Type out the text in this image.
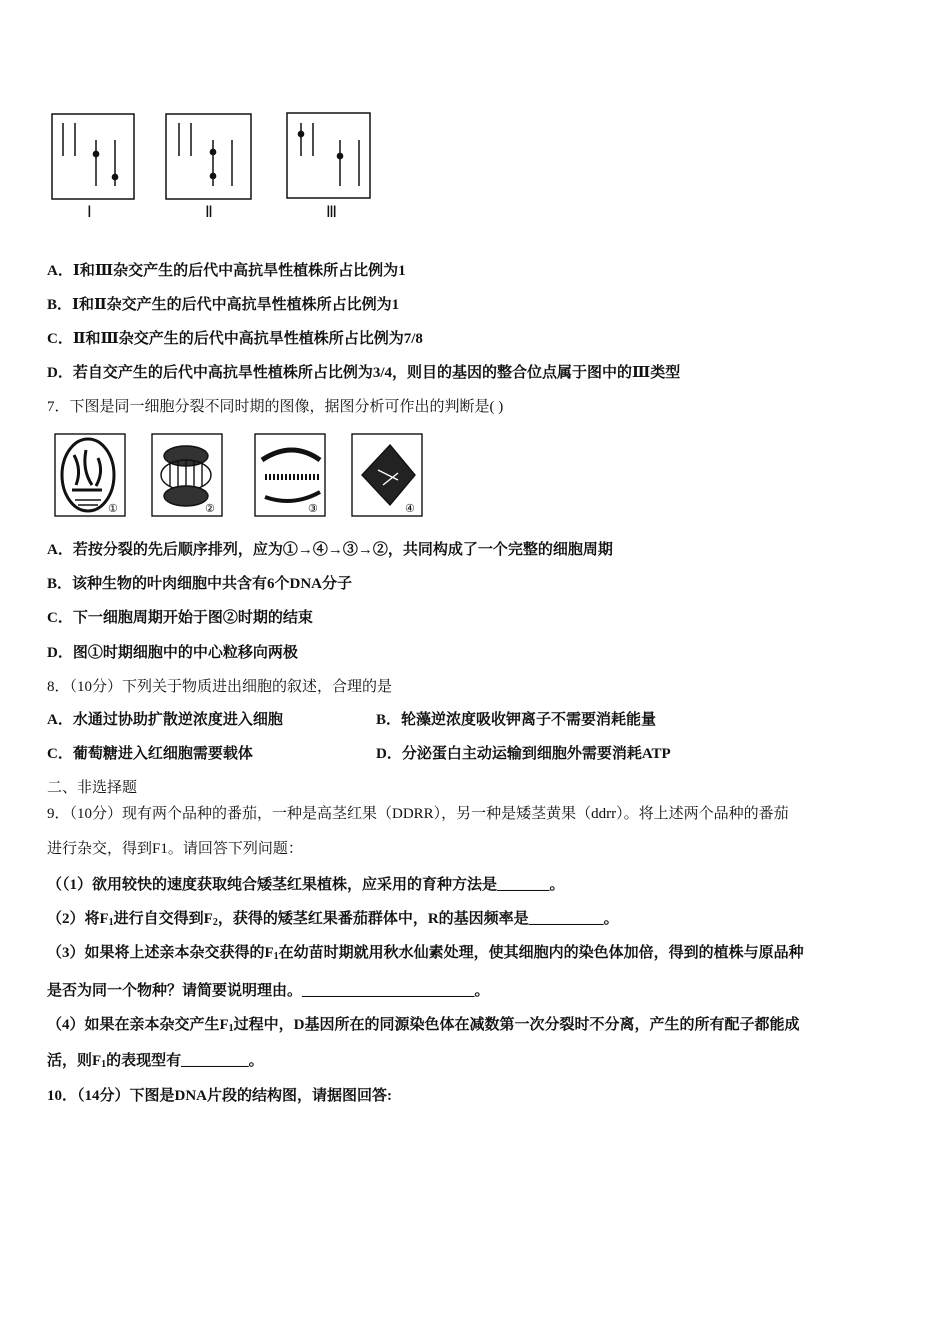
Ⅰ	Ⅱ	Ⅲ
A．Ⅰ和Ⅲ杂交产生的后代中高抗旱性植株所占比例为1
B．Ⅰ和Ⅱ杂交产生的后代中高抗旱性植株所占比例为1
C．Ⅱ和Ⅲ杂交产生的后代中高抗旱性植株所占比例为7/8
D．若自交产生的后代中高抗旱性植株所占比例为3/4，则目的基因的整合位点属于图中的Ⅲ类型
7．下图是同一细胞分裂不同时期的图像，据图分析可作出的判断是( )
①	②	③	④
A．若按分裂的先后顺序排列，应为①→④→③→②，共同构成了一个完整的细胞周期
B．该种生物的叶肉细胞中共含有6个DNA分子
C．下一细胞周期开始于图②时期的结束
D．图①时期细胞中的中心粒移向两极
8．（10分）下列关于物质进出细胞的叙述，合理的是
A．水通过协助扩散逆浓度进入细胞	B．轮藻逆浓度吸收钾离子不需要消耗能量
C．葡萄糖进入红细胞需要载体	D．分泌蛋白主动运输到细胞外需要消耗ATP
二、非选择题
9．（10分）现有两个品种的番茄，一种是高茎红果（DDRR），另一种是矮茎黄果（ddrr）。将上述两个品种的番茄
进行杂交，得到F1。请回答下列问题：
（（1）欲用较快的速度获取纯合矮茎红果植株，应采用的育种方法是_______。
（2）将$F_1$进行自交得到$F_2$，获得的矮茎红果番茄群体中，R的基因频率是__________。
（3）如果将上述亲本杂交获得的$F_1$在幼苗时期就用秋水仙素处理，使其细胞内的染色体加倍，得到的植株与原品种
是否为同一个物种？请简要说明理由。_______________________。
（4）如果在亲本杂交产生$F_1$过程中，D基因所在的同源染色体在减数第一次分裂时不分离，产生的所有配子都能成
活，则$F_1$的表现型有_________。
10．（14分）下图是DNA片段的结构图，请据图回答:
